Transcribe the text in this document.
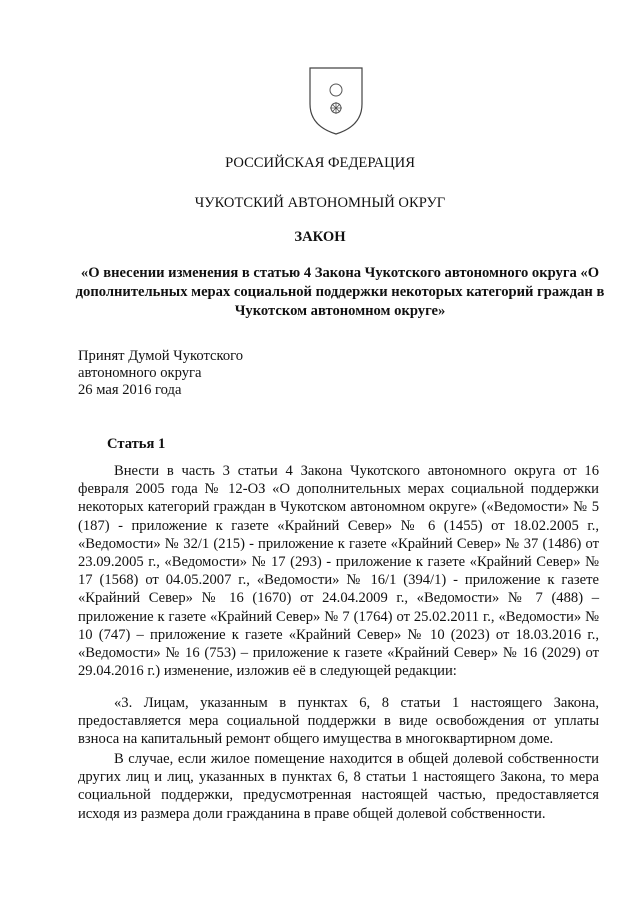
РОССИЙСКАЯ ФЕДЕРАЦИЯ
ЧУКОТСКИЙ АВТОНОМНЫЙ ОКРУГ
ЗАКОН
«О внесении изменения в статью 4 Закона Чукотского автономного округа «О дополнительных мерах социальной поддержки некоторых категорий граждан в Чукотском автономном округе»
Принят Думой Чукотского
автономного округа
26 мая 2016 года
Статья 1
Внести в часть 3 статьи 4 Закона Чукотского автономного округа от 16 февраля 2005 года № 12-ОЗ «О дополнительных мерах социальной поддержки некоторых категорий граждан в Чукотском автономном округе» («Ведомости» № 5 (187) - приложение к газете «Крайний Север» № 6 (1455) от 18.02.2005 г., «Ведомости» № 32/1 (215) - приложение к газете «Крайний Север» № 37 (1486) от 23.09.2005 г., «Ведомости» № 17 (293) - приложение к газете «Крайний Север» № 17 (1568) от 04.05.2007 г., «Ведомости» № 16/1 (394/1) - приложение к газете «Крайний Север» № 16 (1670) от 24.04.2009 г., «Ведомости» № 7 (488) – приложение к газете «Крайний Север» № 7 (1764) от 25.02.2011 г., «Ведомости» № 10 (747) – приложение к газете «Крайний Север» № 10 (2023) от 18.03.2016 г., «Ведомости» № 16 (753) – приложение к газете «Крайний Север» № 16 (2029) от 29.04.2016 г.) изменение, изложив её в следующей редакции:
«3. Лицам, указанным в пунктах 6, 8 статьи 1 настоящего Закона, предоставляется мера социальной поддержки в виде освобождения от уплаты взноса на капитальный ремонт общего имущества в многоквартирном доме.
В случае, если жилое помещение находится в общей долевой собственности других лиц и лиц, указанных в пунктах 6, 8 статьи 1 настоящего Закона, то мера социальной поддержки, предусмотренная настоящей частью, предоставляется исходя из размера доли гражданина в праве общей долевой собственности.
